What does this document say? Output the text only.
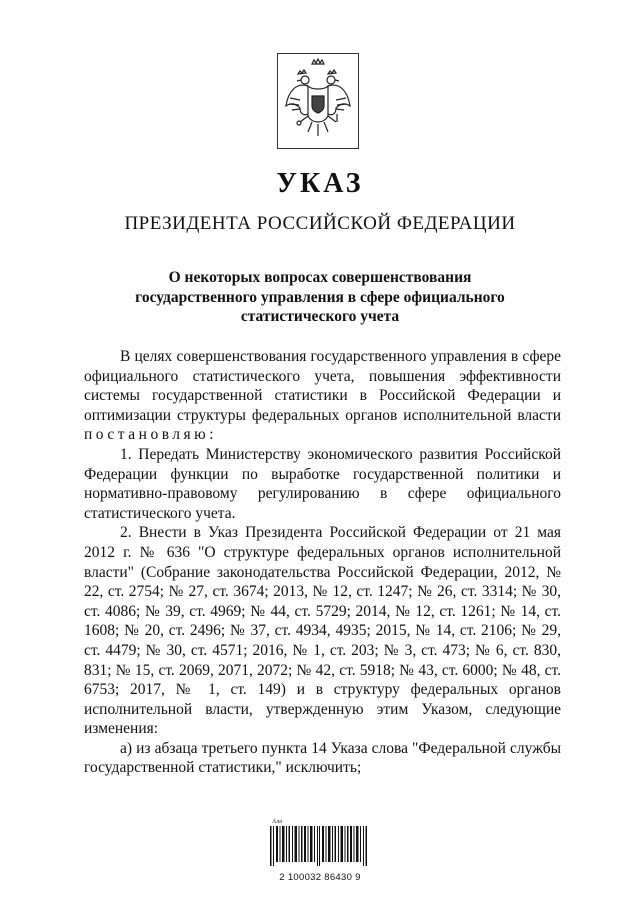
УКАЗ
ПРЕЗИДЕНТА РОССИЙСКОЙ ФЕДЕРАЦИИ
О некоторых вопросах совершенствования
государственного управления в сфере официального
статистического учета

В целях совершенствования государственного управления в сфере официального статистического учета, повышения эффективности системы государственной статистики в Российской Федерации и оптимизации структуры федеральных органов исполнительной власти постановляю:

1. Передать Министерству экономического развития Российской Федерации функции по выработке государственной политики и нормативно-правовому регулированию в сфере официального статистического учета.

2. Внести в Указ Президента Российской Федерации от 21 мая 2012 г. № 636 "О структуре федеральных органов исполнительной власти" (Собрание законодательства Российской Федерации, 2012, № 22, ст. 2754; № 27, ст. 3674; 2013, № 12, ст. 1247; № 26, ст. 3314; № 30, ст. 4086; № 39, ст. 4969; № 44, ст. 5729; 2014, № 12, ст. 1261; № 14, ст. 1608; № 20, ст. 2496; № 37, ст. 4934, 4935; 2015, № 14, ст. 2106; № 29, ст. 4479; № 30, ст. 4571; 2016, № 1, ст. 203; № 3, ст. 473; № 6, ст. 830, 831; № 15, ст. 2069, 2071, 2072; № 42, ст. 5918; № 43, ст. 6000; № 48, ст. 6753; 2017, № 1, ст. 149) и в структуру федеральных органов исполнительной власти, утвержденную этим Указом, следующие изменения:

а) из абзаца третьего пункта 14 Указа слова "Федеральной службы государственной статистики," исключить;

Ало
2 100032 86430 9
